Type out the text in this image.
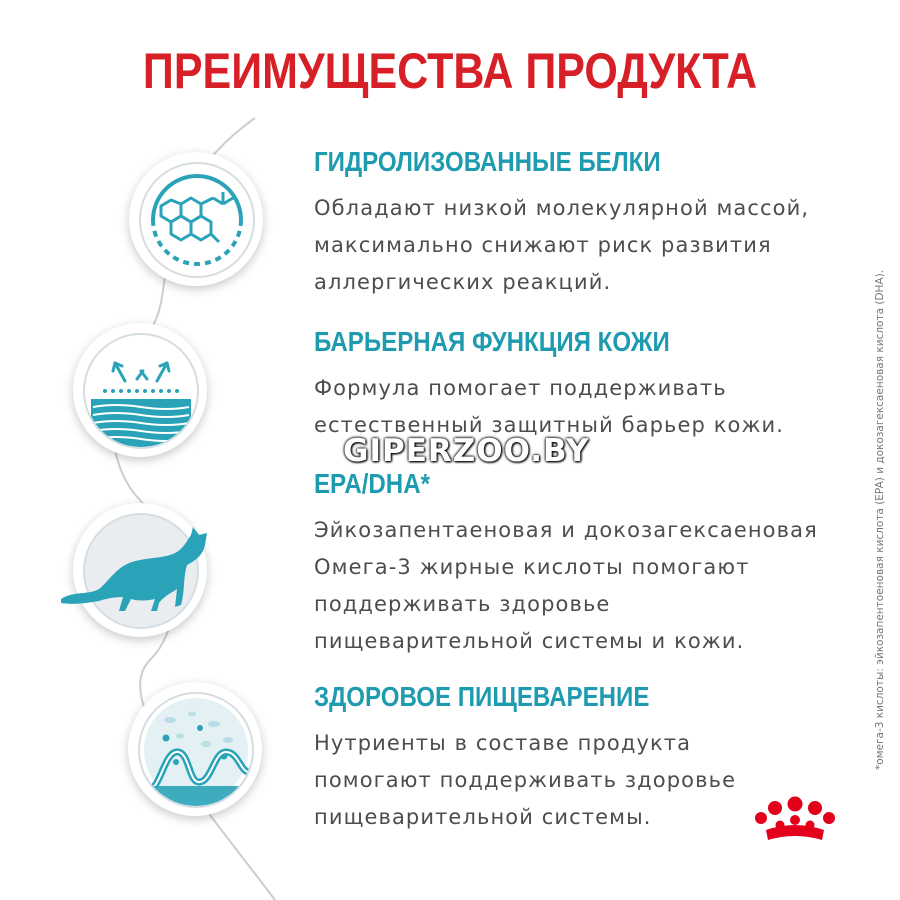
ПРЕИМУЩЕСТВА ПРОДУКТА
ГИДРОЛИЗОВАННЫЕ БЕЛКИ

Обладают низкой молекулярной массой, максимально снижают риск развития аллергических реакций.

БАРЬЕРНАЯ ФУНКЦИЯ КОЖИ

Формула помогает поддерживать естественный защитный барьер кожи.

EPA/DHA*

Эйкозапентаеновая и докозагексаеновая Омега-3 жирные кислоты помогают поддерживать здоровье пищеварительной системы и кожи.

ЗДОРОВОЕ ПИЩЕВАРЕНИЕ

Нутриенты в составе продукта помогают поддерживать здоровье пищеварительной системы.

*омега-3 кислоты: эйкозапентоеновая кислота (EPA) и докозагексаеновая кислота (DHA).
GIPERZOO.BY
